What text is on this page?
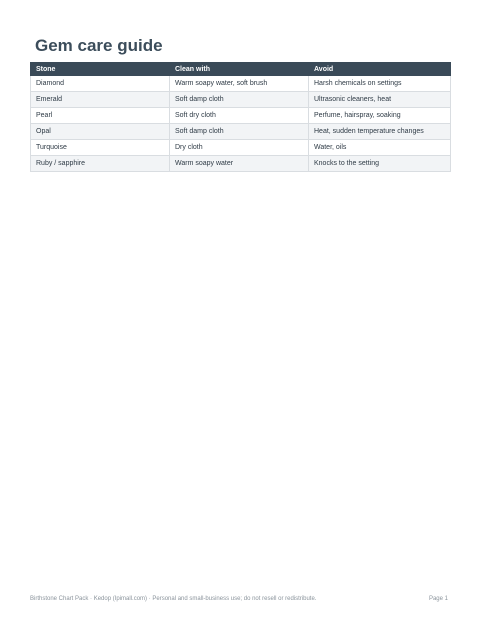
Gem care guide
Stone	Clean with	Avoid
Diamond	Warm soapy water, soft brush	Harsh chemicals on settings
Emerald	Soft damp cloth	Ultrasonic cleaners, heat
Pearl	Soft dry cloth	Perfume, hairspray, soaking
Opal	Soft damp cloth	Heat, sudden temperature changes
Turquoise	Dry cloth	Water, oils
Ruby / sapphire	Warm soapy water	Knocks to the setting
Birthstone Chart Pack · Kedop (Ipimall.com) · Personal and small-business use; do not resell or redistribute.	Page 1
